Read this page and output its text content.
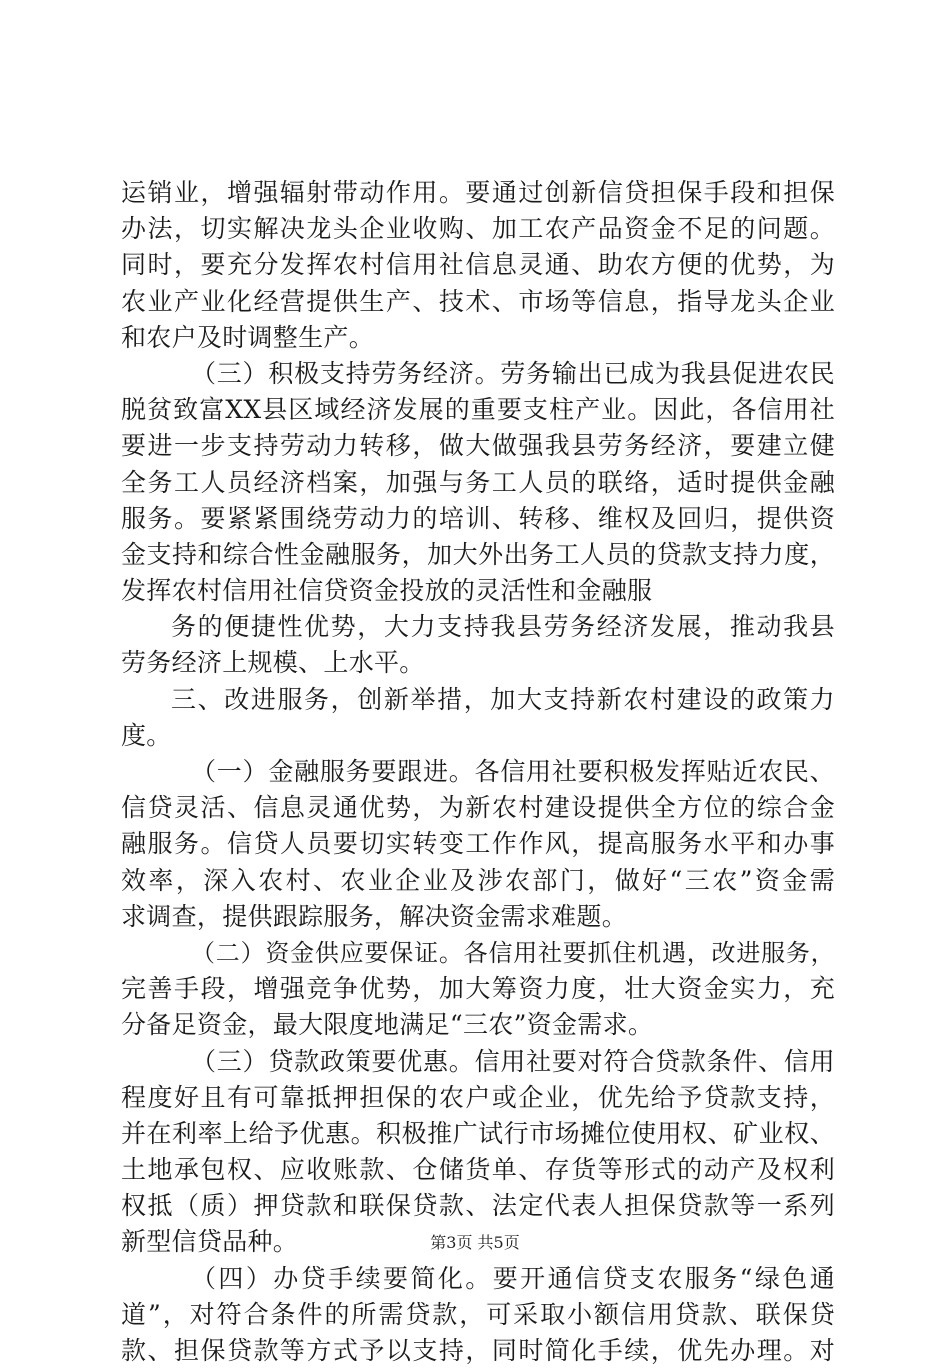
运销业，增强辐射带动作用。要通过创新信贷担保手段和担保
办法，切实解决龙头企业收购、加工农产品资金不足的问题。
同时，要充分发挥农村信用社信息灵通、助农方便的优势，为
农业产业化经营提供生产、技术、市场等信息，指导龙头企业
和农户及时调整生产。
（三）积极支持劳务经济。劳务输出已成为我县促进农民
脱贫致富XX县区域经济发展的重要支柱产业。因此，各信用社
要进一步支持劳动力转移，做大做强我县劳务经济，要建立健
全务工人员经济档案，加强与务工人员的联络，适时提供金融
服务。要紧紧围绕劳动力的培训、转移、维权及回归，提供资
金支持和综合性金融服务，加大外出务工人员的贷款支持力度，
发挥农村信用社信贷资金投放的灵活性和金融服
务的便捷性优势，大力支持我县劳务经济发展，推动我县
劳务经济上规模、上水平。
三、改进服务，创新举措，加大支持新农村建设的政策力
度。
（一）金融服务要跟进。各信用社要积极发挥贴近农民、
信贷灵活、信息灵通优势，为新农村建设提供全方位的综合金
融服务。信贷人员要切实转变工作作风，提高服务水平和办事
效率，深入农村、农业企业及涉农部门，做好“三农”资金需
求调查，提供跟踪服务，解决资金需求难题。
（二）资金供应要保证。各信用社要抓住机遇，改进服务，
完善手段，增强竞争优势，加大筹资力度，壮大资金实力，充
分备足资金，最大限度地满足“三农”资金需求。
（三）贷款政策要优惠。信用社要对符合贷款条件、信用
程度好且有可靠抵押担保的农户或企业，优先给予贷款支持，
并在利率上给予优惠。积极推广试行市场摊位使用权、矿业权、
土地承包权、应收账款、仓储货单、存货等形式的动产及权利
权抵（质）押贷款和联保贷款、法定代表人担保贷款等一系列
新型信贷品种。
（四）办贷手续要简化。要开通信贷支农服务“绿色通
道”，对符合条件的所需贷款，可采取小额信用贷款、联保贷
款、担保贷款等方式予以支持，同时简化手续，优先办理。对
第3页 共5页
